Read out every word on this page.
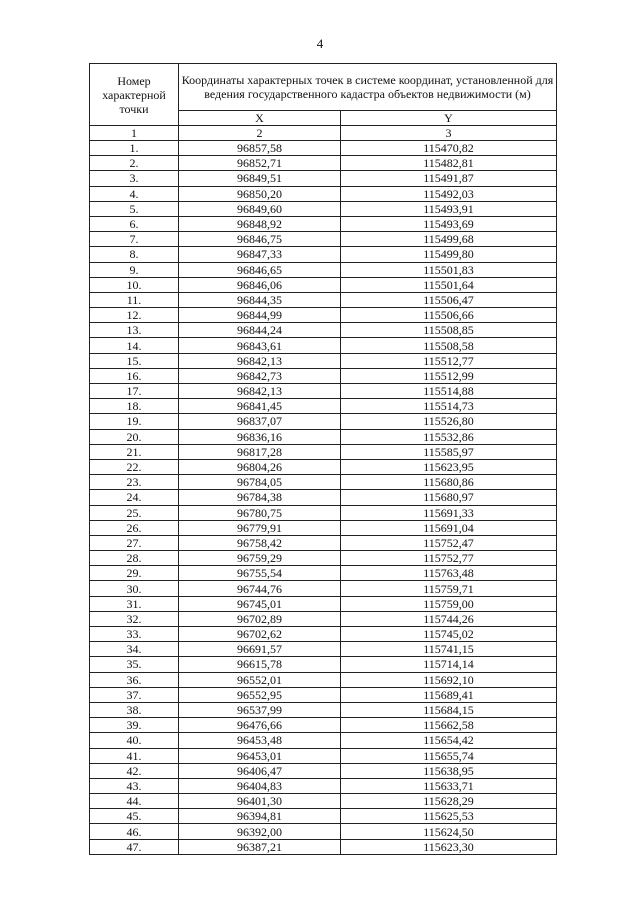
4
Номер характерной точки	Координаты характерных точек в системе координат, установленной для ведения государственного кадастра объектов недвижимости (м)	
	X	Y
1	2	3
1.	96857,58	115470,82
2.	96852,71	115482,81
3.	96849,51	115491,87
4.	96850,20	115492,03
5.	96849,60	115493,91
6.	96848,92	115493,69
7.	96846,75	115499,68
8.	96847,33	115499,80
9.	96846,65	115501,83
10.	96846,06	115501,64
11.	96844,35	115506,47
12.	96844,99	115506,66
13.	96844,24	115508,85
14.	96843,61	115508,58
15.	96842,13	115512,77
16.	96842,73	115512,99
17.	96842,13	115514,88
18.	96841,45	115514,73
19.	96837,07	115526,80
20.	96836,16	115532,86
21.	96817,28	115585,97
22.	96804,26	115623,95
23.	96784,05	115680,86
24.	96784,38	115680,97
25.	96780,75	115691,33
26.	96779,91	115691,04
27.	96758,42	115752,47
28.	96759,29	115752,77
29.	96755,54	115763,48
30.	96744,76	115759,71
31.	96745,01	115759,00
32.	96702,89	115744,26
33.	96702,62	115745,02
34.	96691,57	115741,15
35.	96615,78	115714,14
36.	96552,01	115692,10
37.	96552,95	115689,41
38.	96537,99	115684,15
39.	96476,66	115662,58
40.	96453,48	115654,42
41.	96453,01	115655,74
42.	96406,47	115638,95
43.	96404,83	115633,71
44.	96401,30	115628,29
45.	96394,81	115625,53
46.	96392,00	115624,50
47.	96387,21	115623,30
